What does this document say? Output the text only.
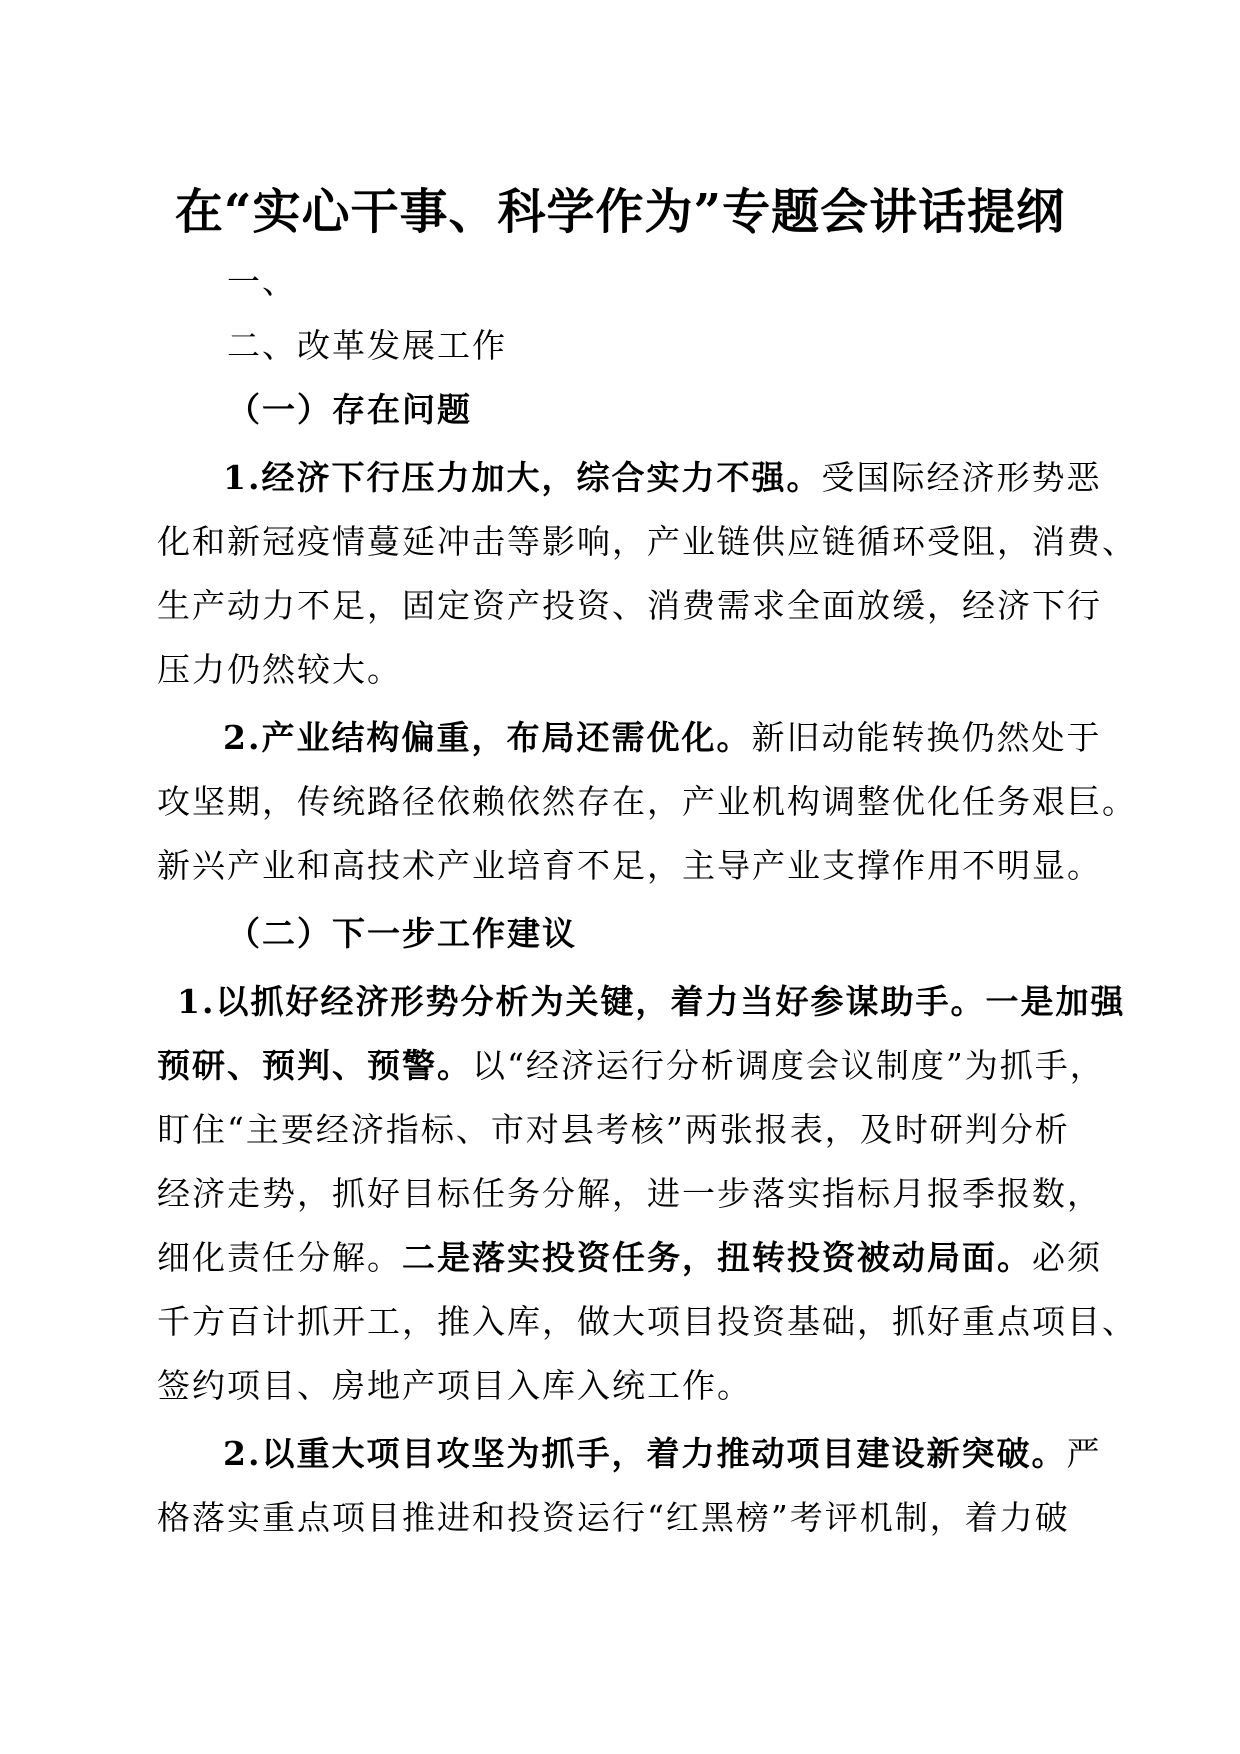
在“实心干事、科学作为”专题会讲话提纲

一、

二、改革发展工作

（一）存在问题

1.经济下行压力加大，综合实力不强。受国际经济形势恶

化和新冠疫情蔓延冲击等影响，产业链供应链循环受阻，消费、

生产动力不足，固定资产投资、消费需求全面放缓，经济下行

压力仍然较大。

2.产业结构偏重，布局还需优化。新旧动能转换仍然处于

攻坚期，传统路径依赖依然存在，产业机构调整优化任务艰巨。

新兴产业和高技术产业培育不足，主导产业支撑作用不明显。

（二）下一步工作建议

1.以抓好经济形势分析为关键，着力当好参谋助手。一是加强

预研、预判、预警。以“经济运行分析调度会议制度”为抓手，

盯住“主要经济指标、市对县考核”两张报表，及时研判分析

经济走势，抓好目标任务分解，进一步落实指标月报季报数，

细化责任分解。二是落实投资任务，扭转投资被动局面。必须

千方百计抓开工，推入库，做大项目投资基础，抓好重点项目、

签约项目、房地产项目入库入统工作。

2.以重大项目攻坚为抓手，着力推动项目建设新突破。严

格落实重点项目推进和投资运行“红黑榜”考评机制，着力破
